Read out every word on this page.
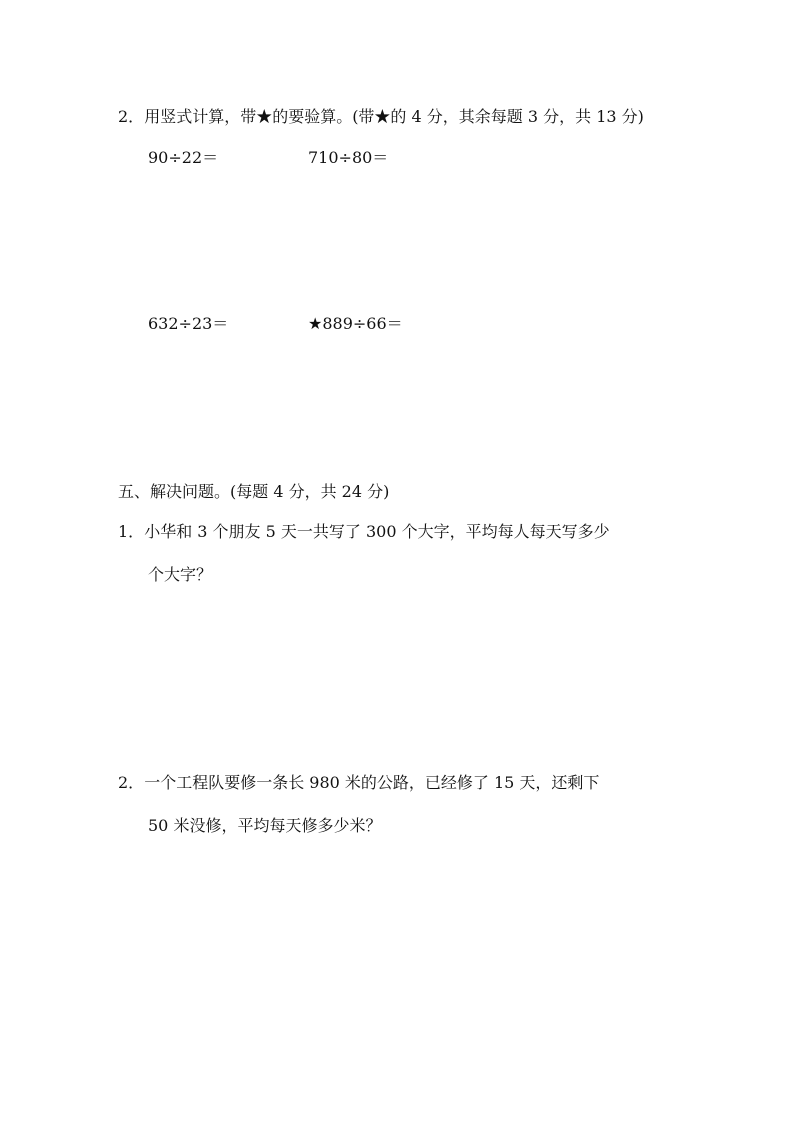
2．用竖式计算，带★的要验算。(带★的 4 分，其余每题 3 分，共 13 分)
90÷22＝	710÷80＝
632÷23＝	★889÷66＝
五、解决问题。(每题 4 分，共 24 分)
1．小华和 3 个朋友 5 天一共写了 300 个大字，平均每人每天写多少
个大字？
2．一个工程队要修一条长 980 米的公路，已经修了 15 天，还剩下
50 米没修，平均每天修多少米？
